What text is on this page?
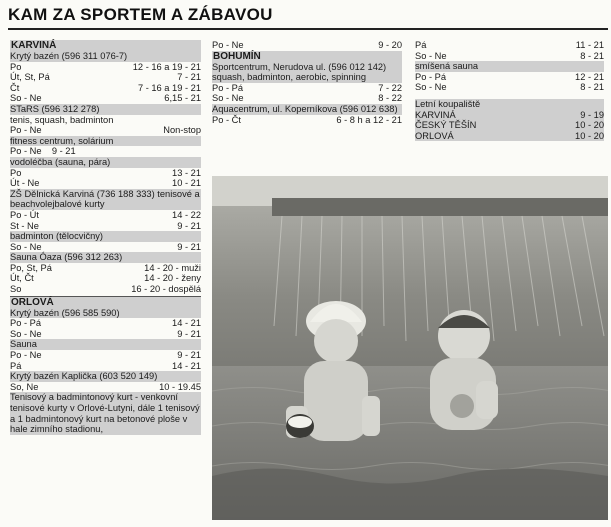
KAM ZA SPORTEM A ZÁBAVOU
KARVINÁ
Krytý bazén (596 311 076-7)
Po	12 - 16 a 19 - 21
Út, St, Pá	7 - 21
Čt	7 - 16 a 19 - 21
So - Ne	6,15 - 21
STaRS (596 312 278)
tenis, squash, badminton
Po - Ne	Non-stop
fitness centrum, solárium
Po - Ne    9 - 21
vodoléčba (sauna, pára)
Po	13 - 21
Út - Ne	10 - 21
ZŠ Dělnická Karviná (736 188 333) tenisové a beachvolejbalové kurty
Po - Út	14 - 22
St - Ne	9 - 21
badminton (tělocvičny)
So - Ne	9 - 21
Sauna Óaza (596 312 263)
Po, St, Pá	14 - 20 - muži
Út, Čt	14 - 20 - ženy
So	16 - 20 - dospělá
ORLOVÁ
Krytý bazén (596 585 590)
Po - Pá	14 - 21
So - Ne	9 - 21
Sauna
Po - Ne	9 - 21
Pá	14 - 21
Krytý bazén Kaplička (603 520 149)
So, Ne	10 - 19.45
Tenisový a badmintonový kurt - venkovní tenisové kurty v Orlové-Lutyni, dále 1 tenisový a 1 badmintonový kurt na betonové ploše v hale zimního stadionu,
Po - Ne	9 - 20
BOHUMÍN
Sportcentrum, Nerudova ul. (596 012 142)
squash, badminton, aerobic, spinning
Po - Pá	7 - 22
So - Ne	8 - 22
Aquacentrum, ul. Koperníkova (596 012 638)
Po - Čt	6 - 8 h a 12 - 21
Pá	11 - 21
So - Ne	8 - 21
smíšená sauna
Po - Pá	12 - 21
So - Ne	8 - 21
Letní koupaliště
KARVINÁ	9 - 19
ČESKÝ TĚŠÍN	10 - 20
ORLOVÁ	10 - 20
